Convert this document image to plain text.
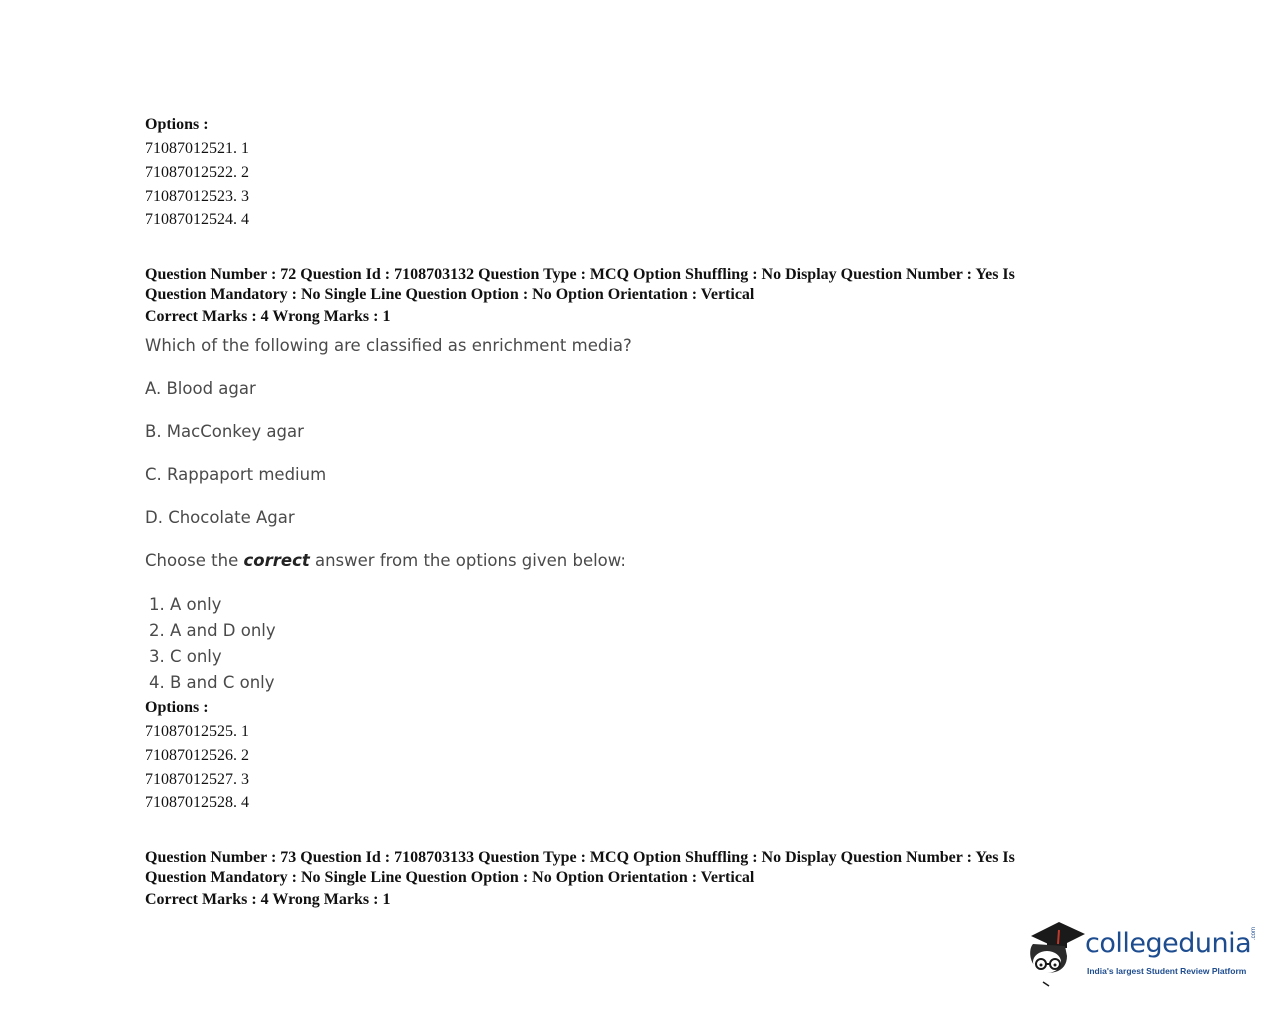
Options :
71087012521. 1
71087012522. 2
71087012523. 3
71087012524. 4
Question Number : 72 Question Id : 7108703132 Question Type : MCQ Option Shuffling : No Display Question Number : Yes Is
Question Mandatory : No Single Line Question Option : No Option Orientation : Vertical
Correct Marks : 4 Wrong Marks : 1
Which of the following are classified as enrichment media?
A. Blood agar
B. MacConkey agar
C. Rappaport medium
D. Chocolate Agar
Choose the correct answer from the options given below:
1. A only
2. A and D only
3. C only
4. B and C only
Options :
71087012525. 1
71087012526. 2
71087012527. 3
71087012528. 4
Question Number : 73 Question Id : 7108703133 Question Type : MCQ Option Shuffling : No Display Question Number : Yes Is
Question Mandatory : No Single Line Question Option : No Option Orientation : Vertical
Correct Marks : 4 Wrong Marks : 1
collegedunia .com
India's largest Student Review Platform
